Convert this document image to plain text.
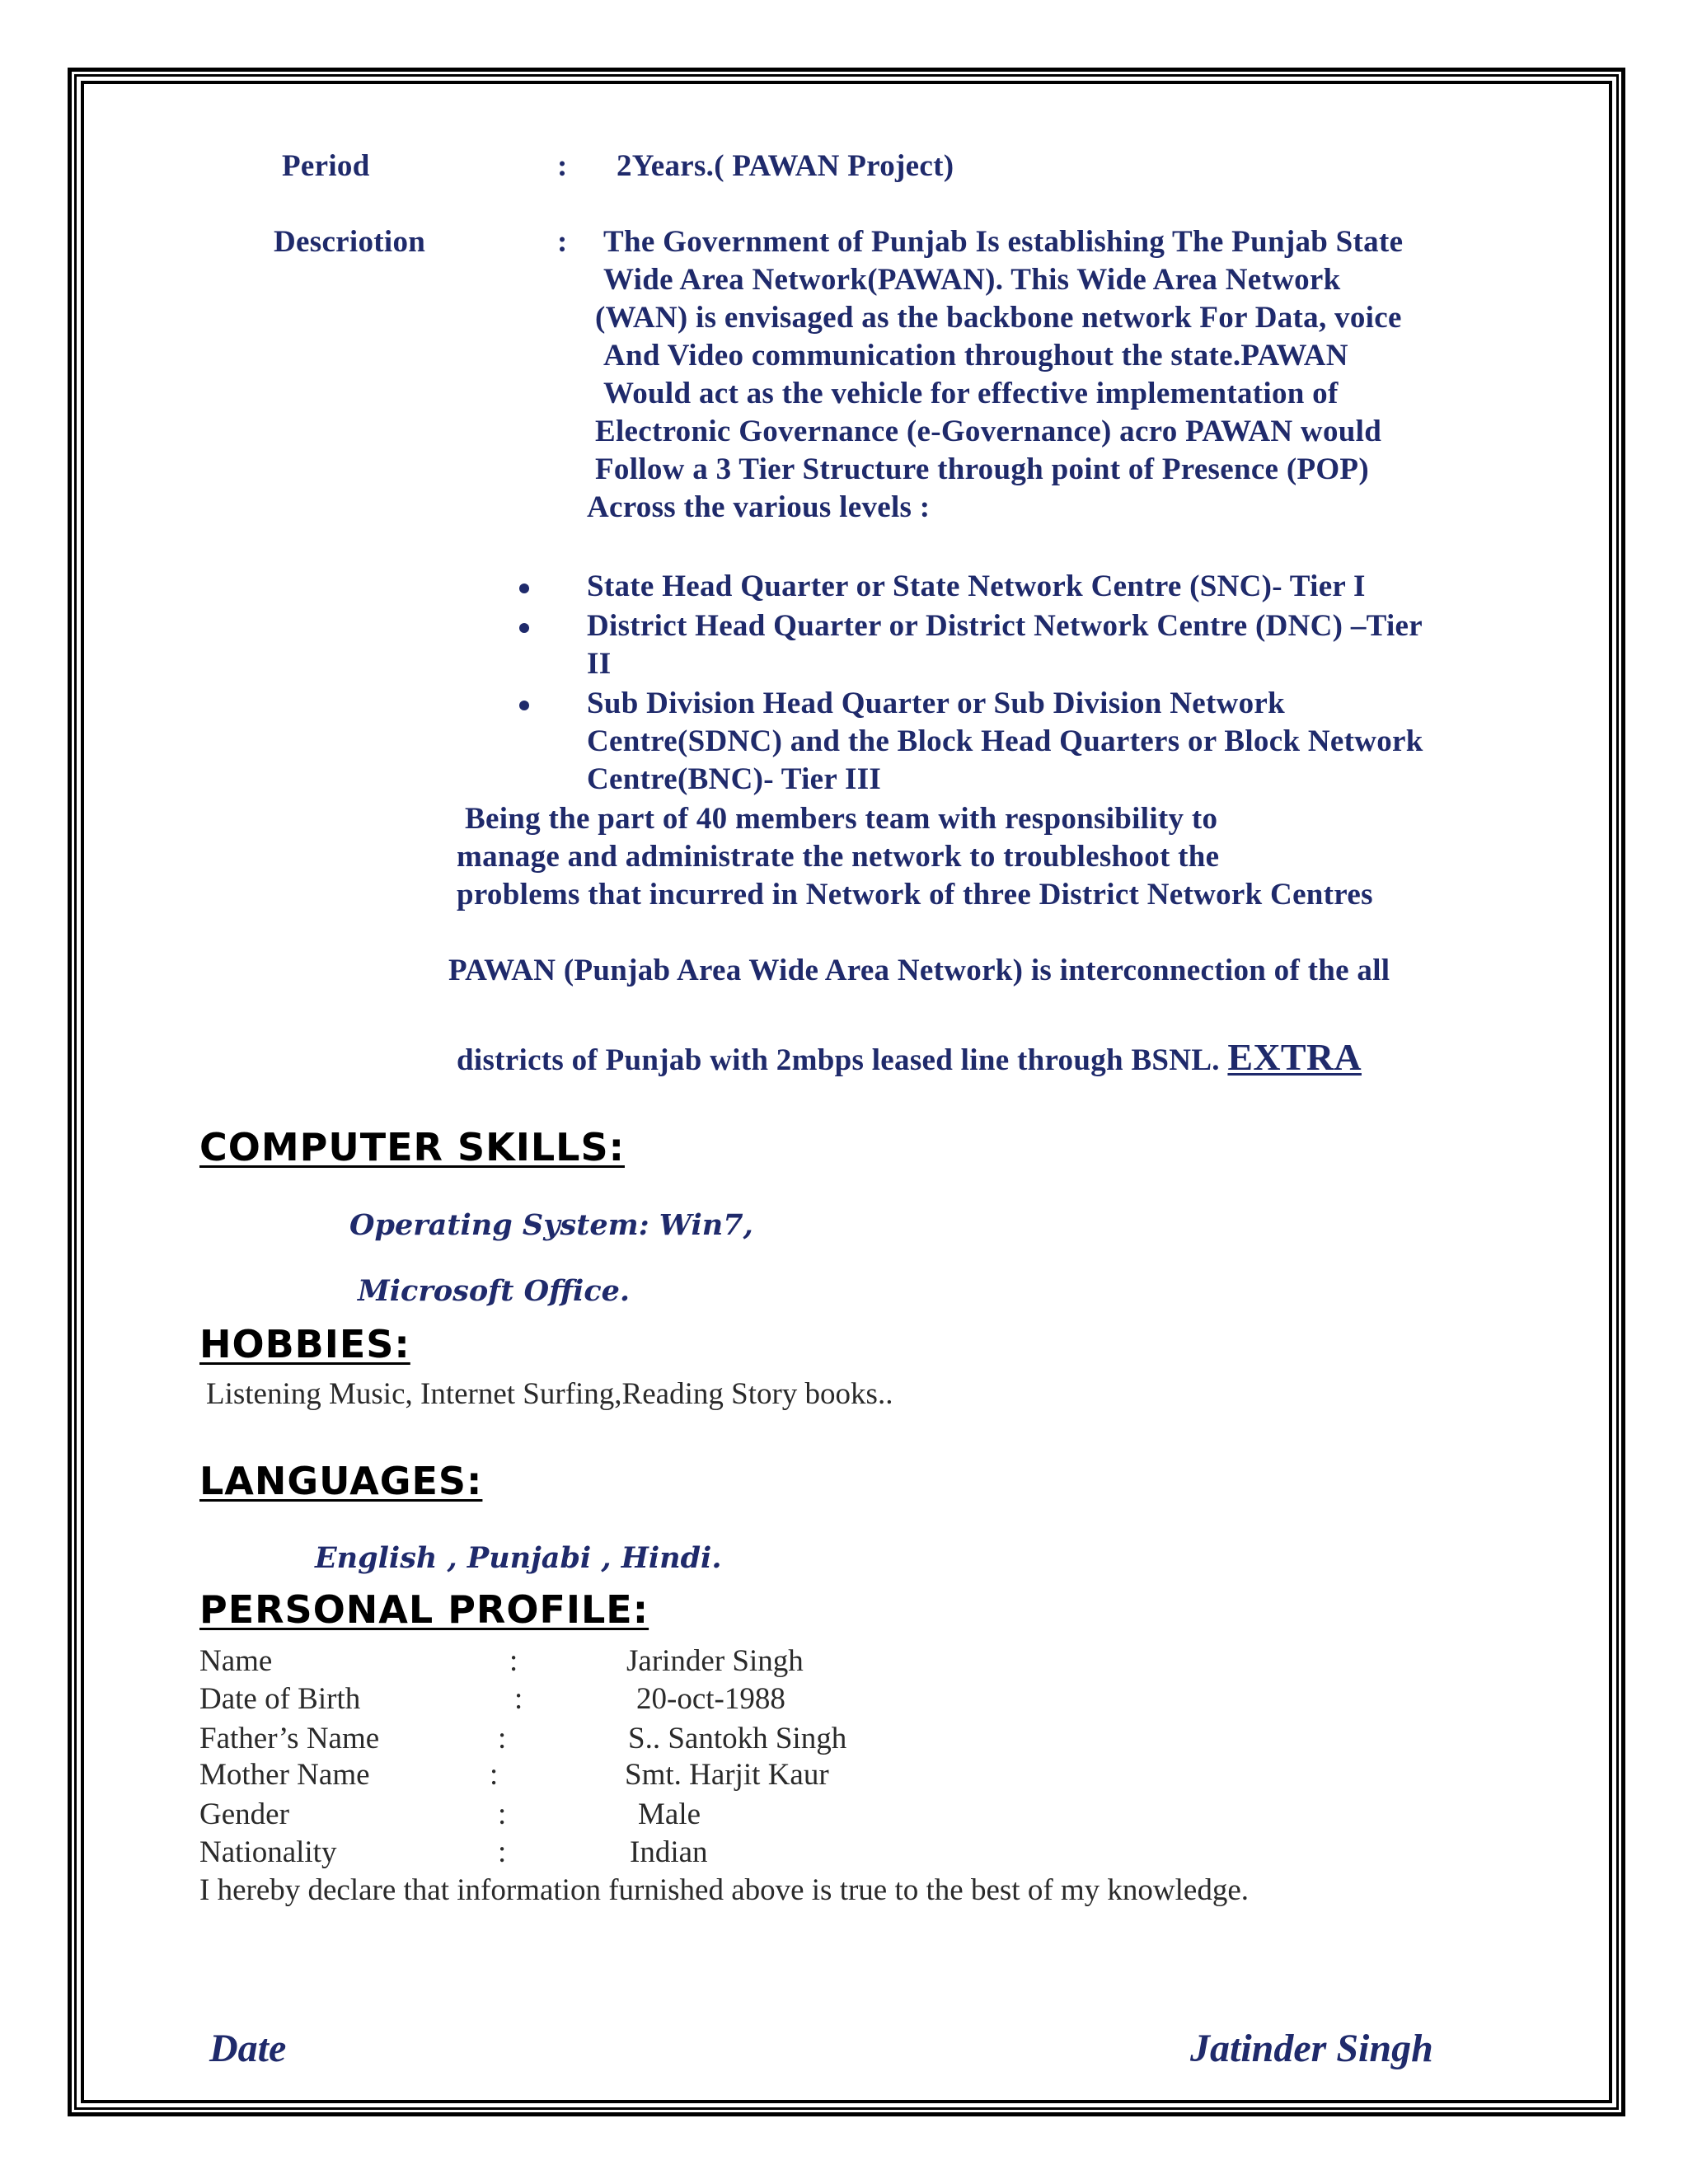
Period	: 2Years.( PAWAN Project)
Descriotion	: The Government of Punjab Is establishing The Punjab State
Wide Area Network(PAWAN). This Wide Area Network
(WAN) is envisaged as the backbone network For Data, voice
And Video communication throughout the state.PAWAN
Would act as the vehicle for effective implementation of
Electronic Governance (e-Governance) acro PAWAN would
Follow a 3 Tier Structure through point of Presence (POP)
Across the various levels :
State Head Quarter or State Network Centre (SNC)- Tier I
District Head Quarter or District Network Centre (DNC) –Tier
II
Sub Division Head Quarter or Sub Division Network
Centre(SDNC) and the Block Head Quarters or Block Network
Centre(BNC)- Tier III
Being the part of 40 members team with responsibility to
manage and administrate the network to troubleshoot the
problems that incurred in Network of three District Network Centres
PAWAN (Punjab Area Wide Area Network) is interconnection of the all
districts of Punjab with 2mbps leased line through BSNL. EXTRA
COMPUTER SKILLS:
Operating System: Win7,
Microsoft Office.
HOBBIES:
Listening Music, Internet Surfing,Reading Story books..
LANGUAGES:
English , Punjabi , Hindi.
PERSONAL PROFILE:
Name	:	Jarinder Singh
Date of Birth	:	20-oct-1988
Father’s Name	:	S.. Santokh Singh
Mother Name	:	Smt. Harjit Kaur
Gender	:	Male
Nationality	:	Indian
I hereby declare that information furnished above is true to the best of my knowledge.
Date	Jatinder Singh
